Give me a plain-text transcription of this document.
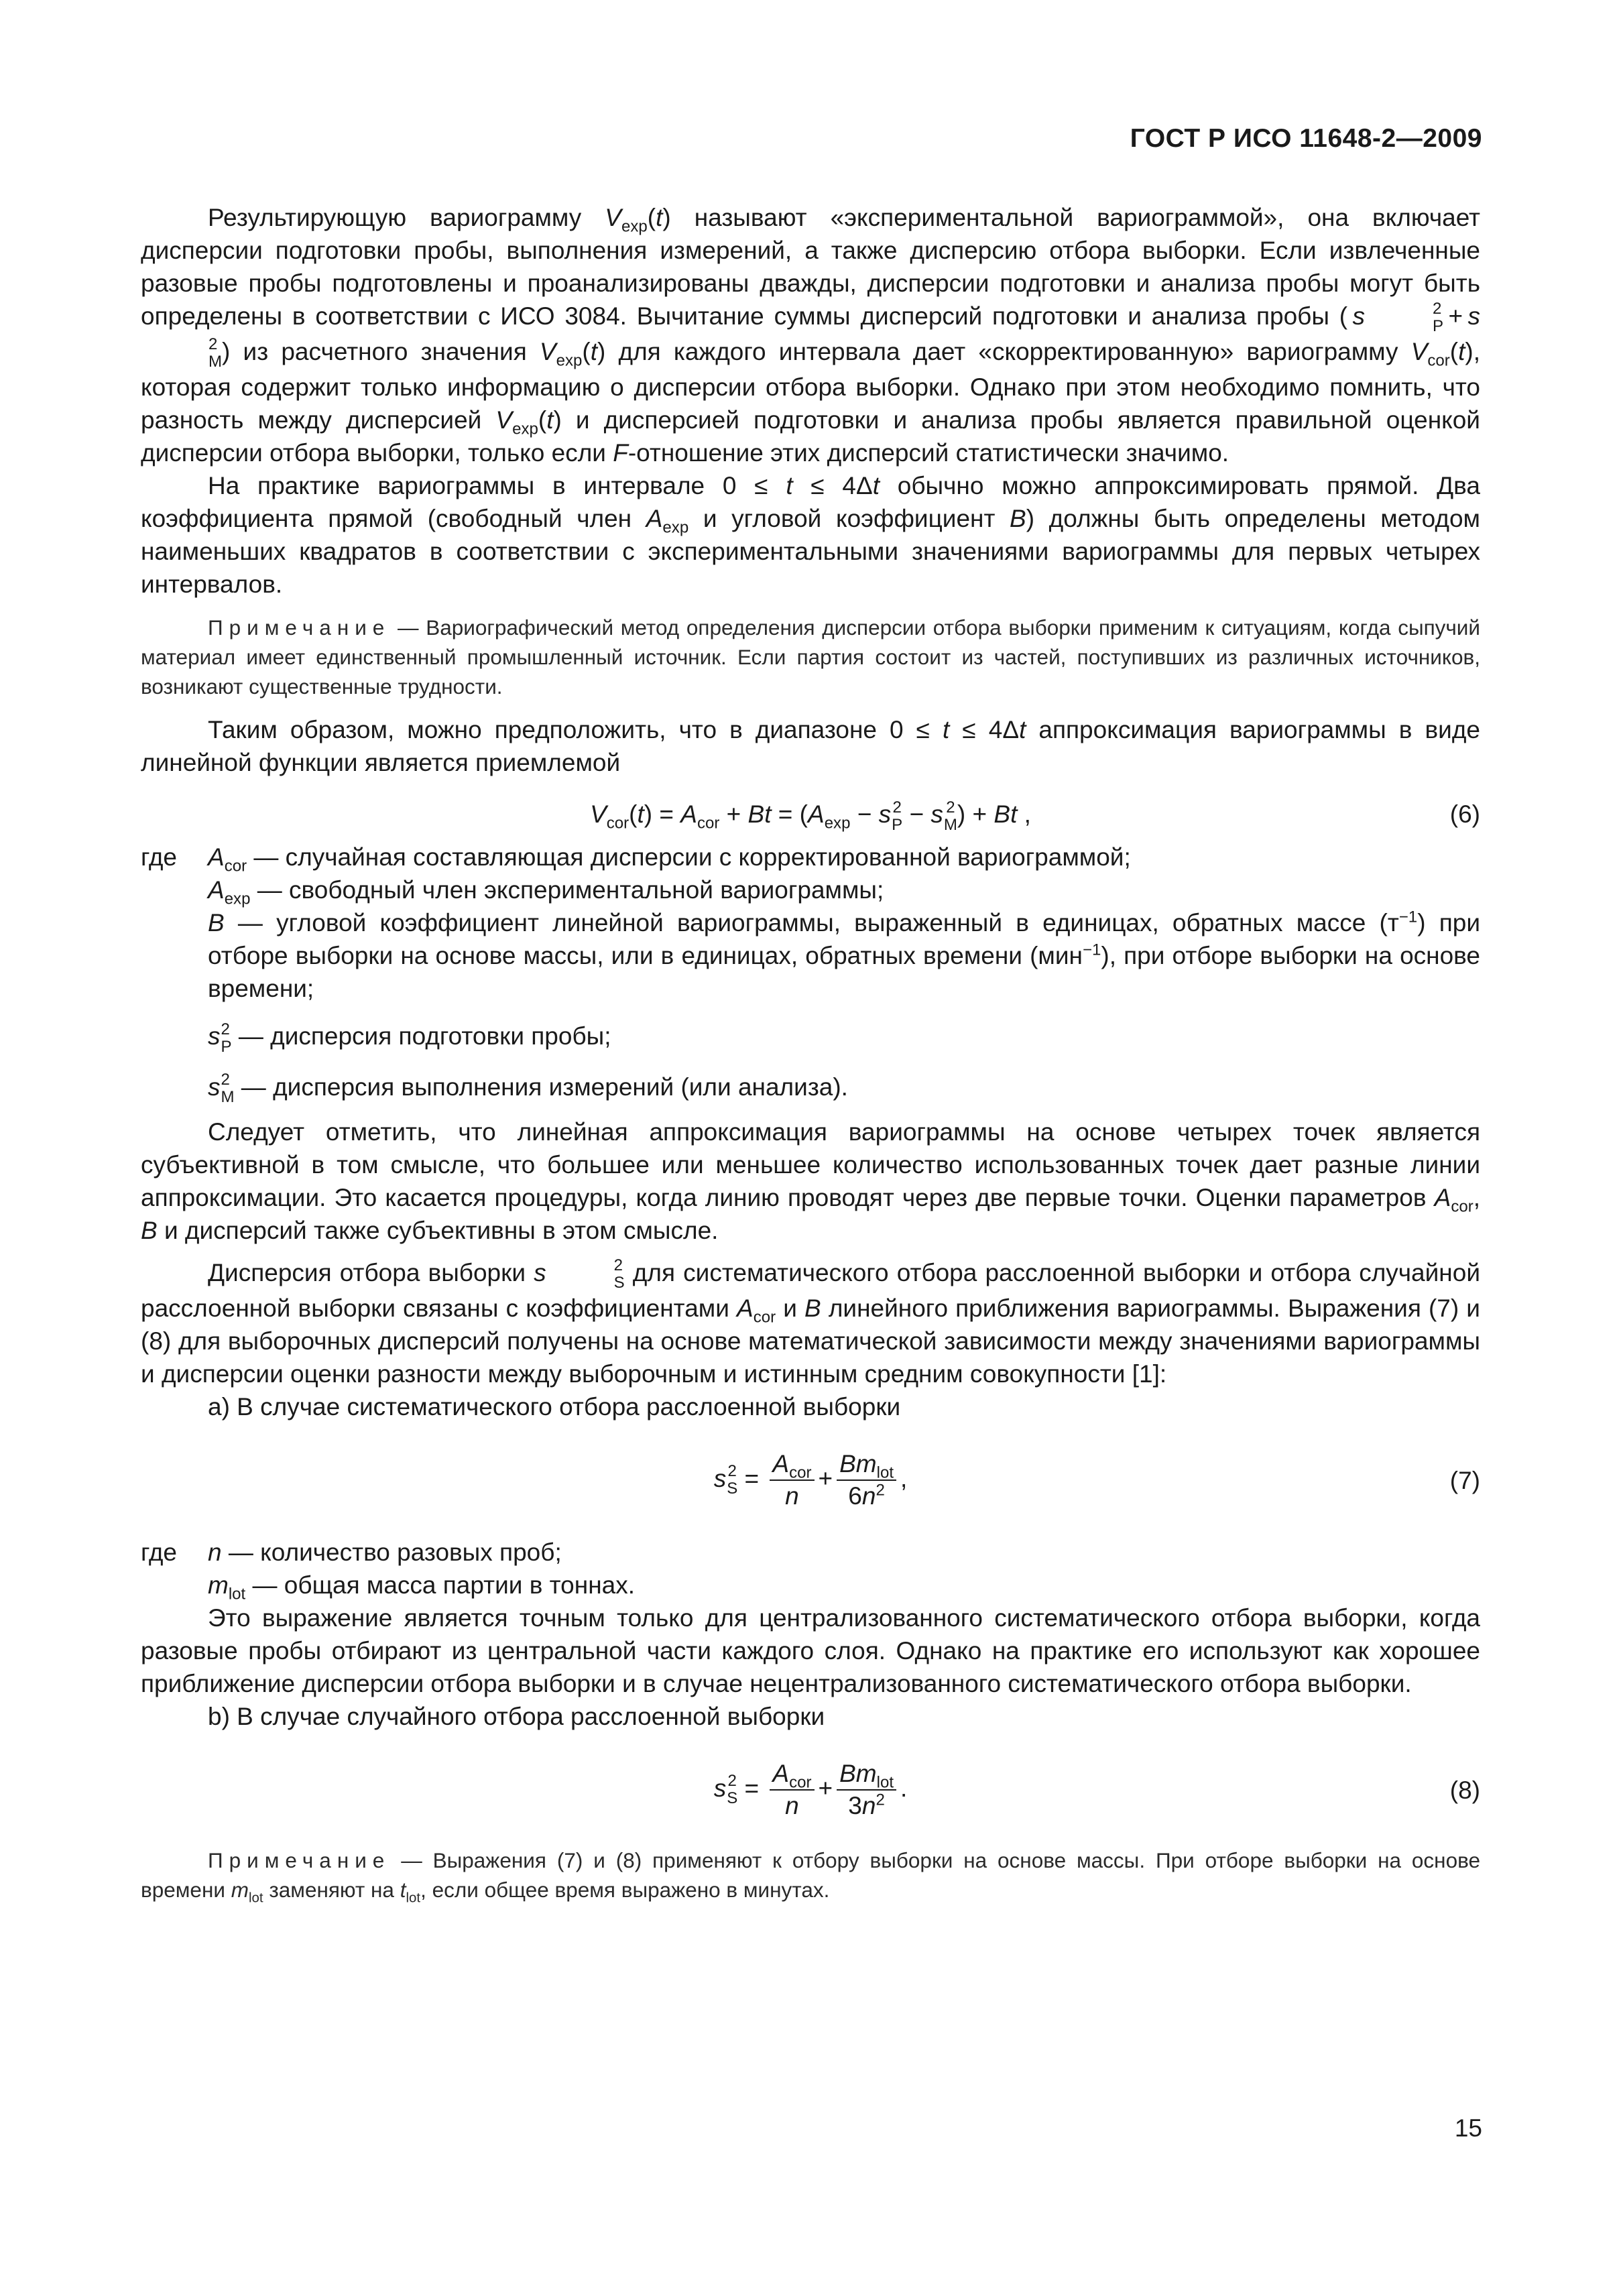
ГОСТ Р ИСО 11648-2—2009

Результирующую вариограмму $V_{exp}(t)$ называют «экспериментальной вариограммой», она включает дисперсии подготовки пробы, выполнения измерений, а также дисперсию отбора выборки. Если извлеченные разовые пробы подготовлены и проанализированы дважды, дисперсии подготовки и анализа пробы могут быть определены в соответствии с ИСО 3084. Вычитание суммы дисперсий подготовки и анализа пробы ( s	2
P  + s
2
M ) из расчетного значения $V_{exp}(t)$ для каждого интервала дает «скорректированную» вариограмму $V_{cor}(t)$, которая содержит только информацию о дисперсии отбора выборки. Однако при этом необходимо помнить, что разность между дисперсией $V_{exp}(t)$ и дисперсией подготовки и анализа пробы является правильной оценкой дисперсии отбора выборки, только если F-отношение этих дисперсий статистически значимо.

На практике вариограммы в интервале 0 ≤ t ≤ 4Δt обычно можно аппроксимировать прямой. Два коэффициента прямой (свободный член $A_{exp}$ и угловой коэффициент B) должны быть определены методом наименьших квадратов в соответствии с экспериментальными значениями вариограммы для первых четырех интервалов.

Примечание — Вариографический метод определения дисперсии отбора выборки применим к ситуациям, когда сыпучий материал имеет единственный промышленный источник. Если партия состоит из частей, поступивших из различных источников, возникают существенные трудности.

Таким образом, можно предположить, что в диапазоне 0 ≤ t ≤ 4Δt аппроксимация вариограммы в виде линейной функции является приемлемой

$V_{cor}(t) = A_{cor} + Bt = (A_{exp} - s$ 2
P − s 2
M ) + Bt ,	(6)
где $A_{cor}$ — случайная составляющая дисперсии с корректированной вариограммой;

$A_{exp}$ — свободный член экспериментальной вариограммы;

B — угловой коэффициент линейной вариограммы, выраженный в единицах, обратных массе $(т^{-1})$ при отборе выборки на основе массы, или в единицах, обратных времени (мин$^{-1}$), при отборе выборки на основе времени;

s 2
P — дисперсия подготовки пробы;

s 2
M — дисперсия выполнения измерений (или анализа).

Следует отметить, что линейная аппроксимация вариограммы на основе четырех точек является субъективной в том смысле, что большее или меньшее количество использованных точек дает разные линии аппроксимации. Это касается процедуры, когда линию проводят через две первые точки. Оценки параметров $A_{cor}$, B и дисперсий также субъективны в этом смысле.

Дисперсия отбора выборки s	2
S для систематического отбора расслоенной выборки и отбора случайной расслоенной выборки связаны с коэффициентами $A_{cor}$ и B линейного приближения вариограммы. Выражения (7) и (8) для выборочных дисперсий получены на основе математической зависимости между значениями вариограммы и дисперсии оценки разности между выборочным и истинным средним совокупности [1]:

а) В случае систематического отбора расслоенной выборки

s 2
$S = \frac{A_{cor}}{n} + \frac{Bm_{lot}}{6n^2}$ ,	(7)
где n — количество разовых проб;

$m_{lot}$ — общая масса партии в тоннах.

Это выражение является точным только для централизованного систематического отбора выборки, когда разовые пробы отбирают из центральной части каждого слоя. Однако на практике его используют как хорошее приближение дисперсии отбора выборки и в случае нецентрализованного систематического отбора выборки.

b) В случае случайного отбора расслоенной выборки

s 2
$S = \frac{A_{cor}}{n} + \frac{Bm_{lot}}{3n^2}$ .	(8)

Примечание — Выражения (7) и (8) применяют к отбору выборки на основе массы. При отборе выборки на основе времени $m_{lot}$ заменяют на $t_{lot}$, если общее время выражено в минутах.

15
